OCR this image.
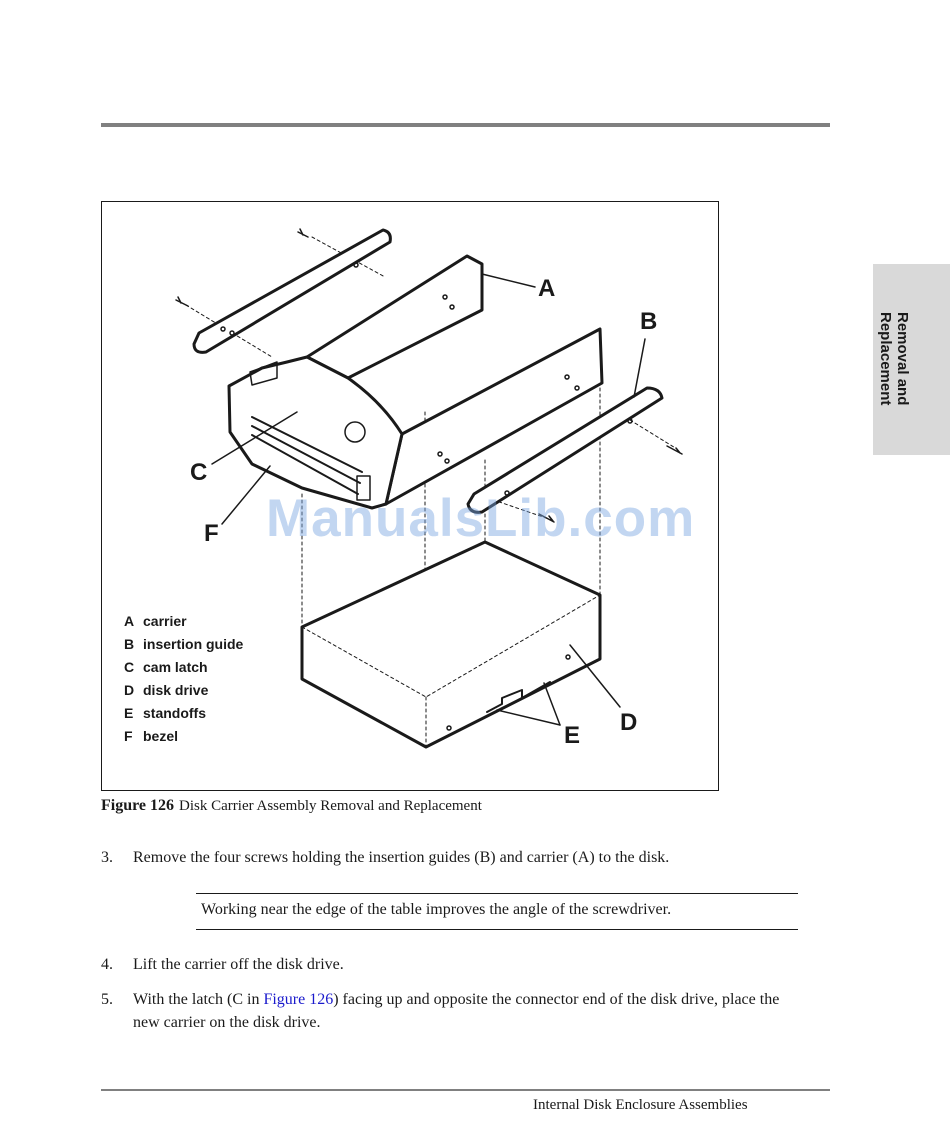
Removal and
Replacement
A
B
C
F
D
E
A carrier
B insertion guide
C cam latch
D disk drive
E standoffs
F bezel
ManualsLib.com
Figure 126 Disk Carrier Assembly Removal and Replacement
3. Remove the four screws holding the insertion guides (B) and carrier (A) to the disk.
Working near the edge of the table improves the angle of the screwdriver.
4. Lift the carrier off the disk drive.
5. With the latch (C in Figure 126) facing up and opposite the connector end of the disk drive, place the new carrier on the disk drive.
Internal Disk Enclosure Assemblies
